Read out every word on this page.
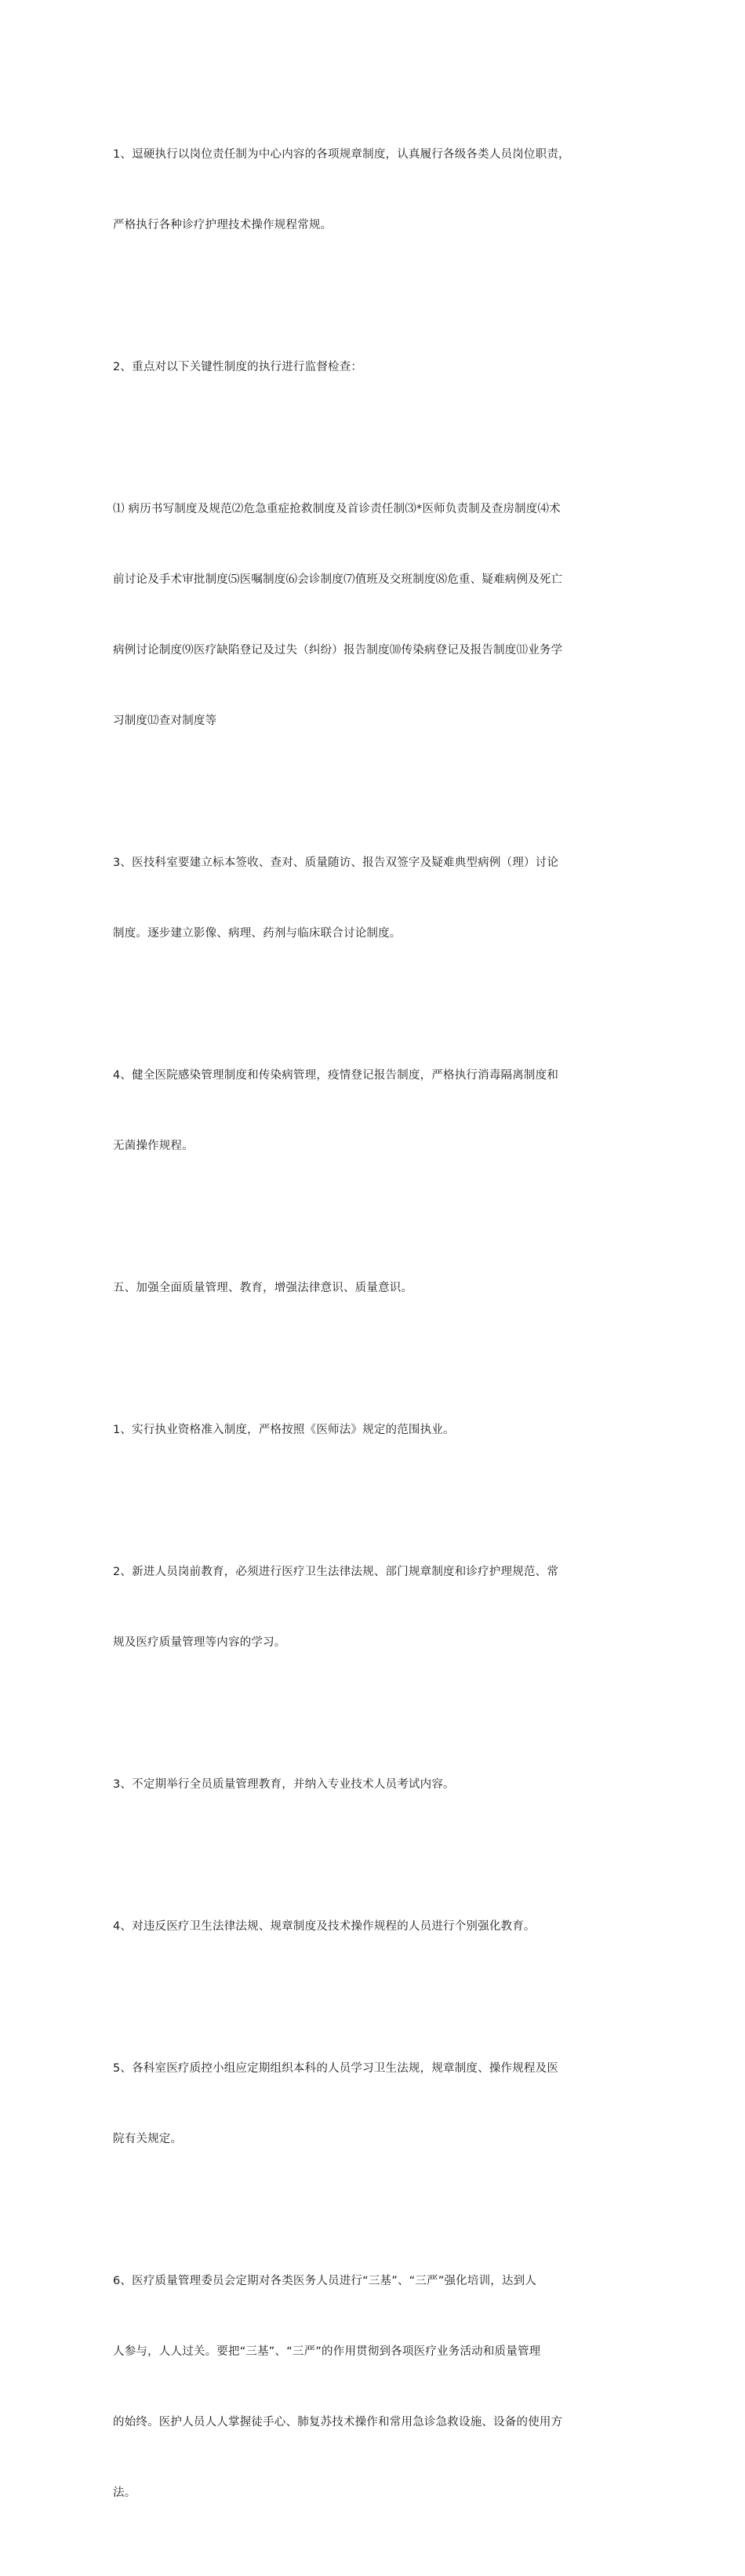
1、逗硬执行以岗位责任制为中心内容的各项规章制度，认真履行各级各类人员岗位职责，

严格执行各种诊疗护理技术操作规程常规。

2、重点对以下关键性制度的执行进行监督检查：

⑴ 病历书写制度及规范⑵危急重症抢救制度及首诊责任制⑶*医师负责制及查房制度⑷术

前讨论及手术审批制度⑸医嘱制度⑹会诊制度⑺值班及交班制度⑻危重、疑难病例及死亡

病例讨论制度⑼医疗缺陷登记及过失（纠纷）报告制度⑽传染病登记及报告制度⑾业务学

习制度⑿查对制度等

3、医技科室要建立标本签收、查对、质量随访、报告双签字及疑难典型病例（理）讨论

制度。逐步建立影像、病理、药剂与临床联合讨论制度。

4、健全医院感染管理制度和传染病管理，疫情登记报告制度，严格执行消毒隔离制度和

无菌操作规程。

五、加强全面质量管理、教育，增强法律意识、质量意识。

1、实行执业资格准入制度，严格按照《医师法》规定的范围执业。

2、新进人员岗前教育，必须进行医疗卫生法律法规、部门规章制度和诊疗护理规范、常

规及医疗质量管理等内容的学习。

3、不定期举行全员质量管理教育，并纳入专业技术人员考试内容。

4、对违反医疗卫生法律法规、规章制度及技术操作规程的人员进行个别强化教育。

5、各科室医疗质控小组应定期组织本科的人员学习卫生法规，规章制度、操作规程及医

院有关规定。

6、医疗质量管理委员会定期对各类医务人员进行“三基”、“三严”强化培训，达到人

人参与，人人过关。要把“三基”、“三严”的作用贯彻到各项医疗业务活动和质量管理

的始终。医护人员人人掌握徒手心、肺复苏技术操作和常用急诊急救设施、设备的使用方

法。
